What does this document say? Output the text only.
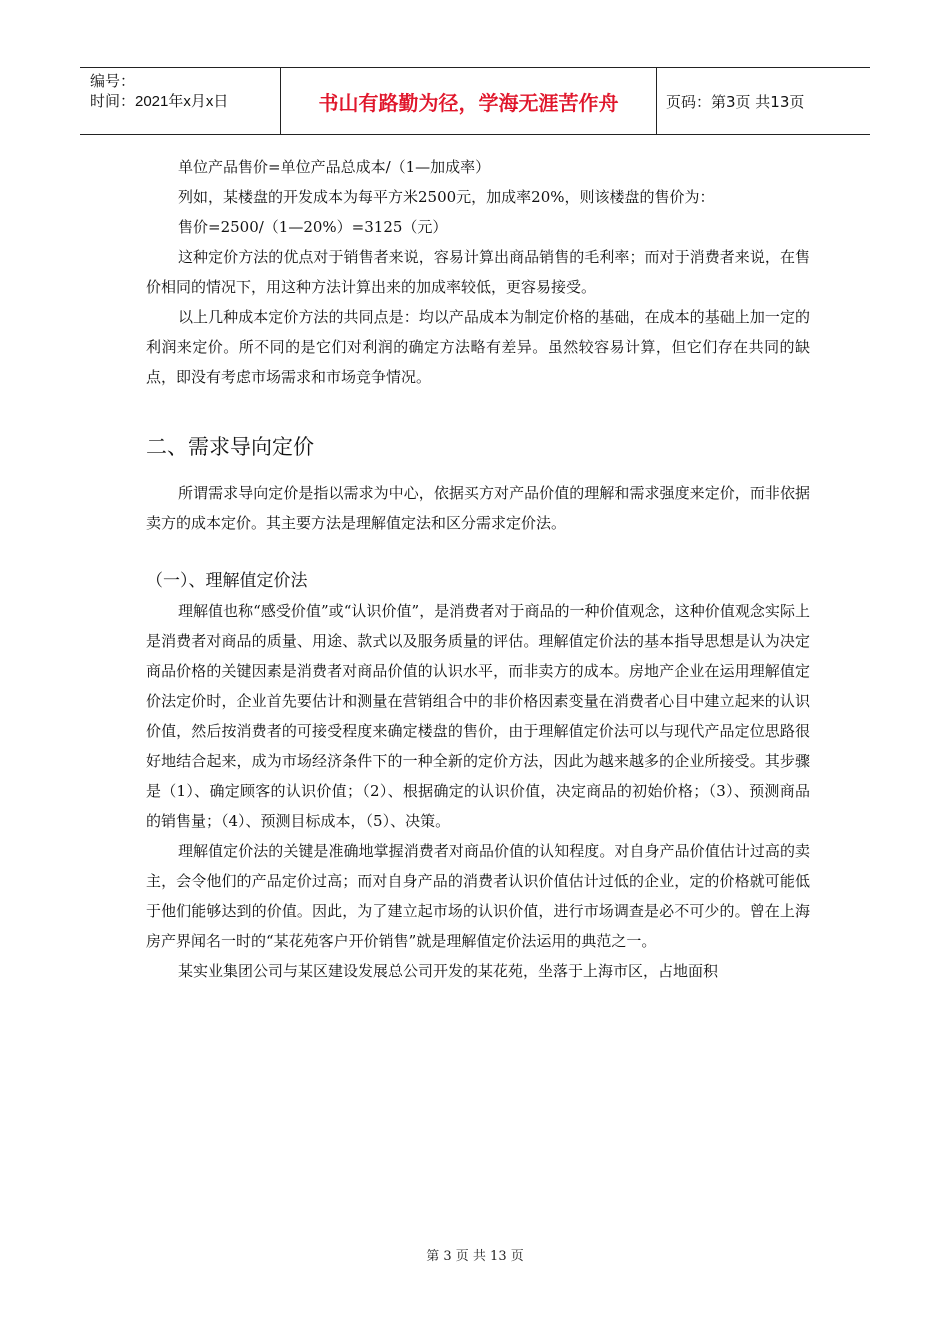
编号：
时间：2021年x月x日	书山有路勤为径，学海无涯苦作舟	页码：第3页 共13页

单位产品售价=单位产品总成本/（1—加成率）

列如，某楼盘的开发成本为每平方米2500元，加成率20%，则该楼盘的售价为：

售价=2500/（1—20%）=3125（元）

这种定价方法的优点对于销售者来说，容易计算出商品销售的毛利率；而对于消费者来说，在售价相同的情况下，用这种方法计算出来的加成率较低，更容易接受。

以上几种成本定价方法的共同点是：均以产品成本为制定价格的基础，在成本的基础上加一定的利润来定价。所不同的是它们对利润的确定方法略有差异。虽然较容易计算，但它们存在共同的缺点，即没有考虑市场需求和市场竞争情况。

二、需求导向定价

所谓需求导向定价是指以需求为中心，依据买方对产品价值的理解和需求强度来定价，而非依据卖方的成本定价。其主要方法是理解值定法和区分需求定价法。

（一）、理解值定价法

理解值也称“感受价值”或“认识价值”，是消费者对于商品的一种价值观念，这种价值观念实际上是消费者对商品的质量、用途、款式以及服务质量的评估。理解值定价法的基本指导思想是认为决定商品价格的关键因素是消费者对商品价值的认识水平，而非卖方的成本。房地产企业在运用理解值定价法定价时，企业首先要估计和测量在营销组合中的非价格因素变量在消费者心目中建立起来的认识价值，然后按消费者的可接受程度来确定楼盘的售价，由于理解值定价法可以与现代产品定位思路很好地结合起来，成为市场经济条件下的一种全新的定价方法，因此为越来越多的企业所接受。其步骤是（1）、确定顾客的认识价值；（2）、根据确定的认识价值，决定商品的初始价格；（3）、预测商品的销售量；（4）、预测目标成本，（5）、决策。

理解值定价法的关键是准确地掌握消费者对商品价值的认知程度。对自身产品价值估计过高的卖主，会令他们的产品定价过高；而对自身产品的消费者认识价值估计过低的企业，定的价格就可能低于他们能够达到的价值。因此，为了建立起市场的认识价值，进行市场调查是必不可少的。曾在上海房产界闻名一时的“某花苑客户开价销售”就是理解值定价法运用的典范之一。

某实业集团公司与某区建设发展总公司开发的某花苑，坐落于上海市区，占地面积

第 3 页 共 13 页
